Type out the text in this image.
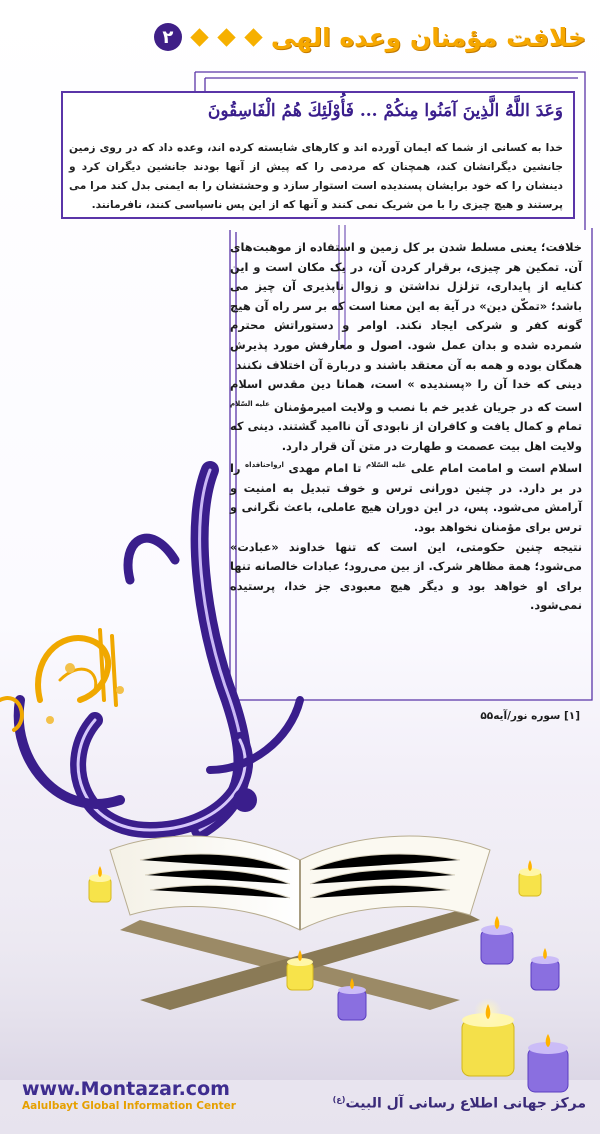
خلافت مؤمنان وعده الهی
۲
وَعَدَ اللَّهُ الَّذِينَ آمَنُوا مِنكُمْ ... فَأُوْلَئِكَ هُمُ الْفَاسِقُونَ
خدا به کسانی از شما که ایمان آورده اند و کارهای شایسته کرده اند، وعده داد که در روی زمین جانشین دیگرانشان کند، همچنان که مردمی را که پیش از آنها بودند جانشین دیگران کرد و دینشان را که خود برایشان پسندیده است استوار سازد و وحشتشان را به ایمنی بدل کند مرا می پرستند و هیچ چیزی را با من شریک نمی کنند و آنها که از این پس ناسپاسی کنند، نافرمانند.

خلافت؛ یعنی مسلط شدن بر کل زمین و استفاده از موهبت‌های آن. تمکین هر چیزی، برقرار کردن آن، در یک مکان است و این کنایه از پایداری، تزلزل نداشتن و زوال ناپذیری آن چیز می باشد؛ «تمکّن دین» در آیة به این معنا است که بر سر راه آن هیچ گونه کفر و شرکی ایجاد نکند. اوامر و دستوراتش محترم شمرده شده و بدان عمل شود. اصول و معارفش مورد پذیرش همگان بوده و همه به آن معتقد باشند و دربارة آن اختلاف نکنند

دینی که خدا آن را «پسندیده » است، همانا دین مقدس اسلام است که در جریان غدیر خم با نصب و ولایت امیرمؤمنان $^{علیه السّلام}$ تمام و کمال یافت و کافران از نابودی آن ناامید گشتند. دینی که ولایت اهل بیت عصمت و طهارت در متن آن قرار دارد.

اسلام است و امامت امام علی $^{علیه السّلام}$ تا امام مهدی $^{ارواحنافداه}$ را در بر دارد. در چنین دورانی ترس و خوف تبدیل به امنیت و آرامش می‌شود. پس، در این دوران هیچ عاملی، باعث نگرانی و ترس برای مؤمنان نخواهد بود.

نتیجه چنین حکومتی، این است که تنها خداوند «عبادت» می‌شود؛ همة مظاهر شرک. از بین می‌رود؛ عبادات خالصانه تنها برای او خواهد بود و دیگر هیچ معبودی جز خدا، پرستیده نمی‌شود.

[۱] سوره نور/آیه۵۵
www.Montazar.com
Aalulbayt Global Information Center	مرکز جهانی اطلاع رسانی آل البیت$^{(ع)}$
